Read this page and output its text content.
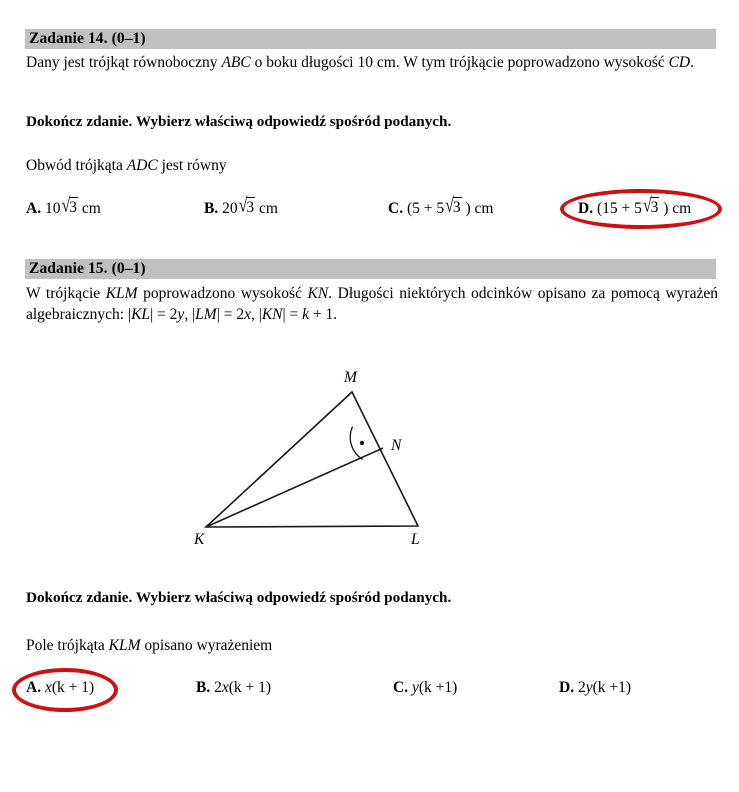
Zadanie 14. (0–1)
Dany jest trójkąt równoboczny ABC o boku długości 10 cm. W tym trójkącie poprowadzono wysokość CD.
Dokończ zdanie. Wybierz właściwą odpowiedź spośród podanych.
Obwód trójkąta ADC jest równy
A. 10√3 cm	B. 20√3 cm	C. (5 + 5√3 ) cm	D. (15 + 5√3 ) cm
Zadanie 15. (0–1)
W trójkącie KLM poprowadzono wysokość KN. Długości niektórych odcinków opisano za pomocą wyrażeń algebraicznych: |KL| = 2y, |LM| = 2x, |KN| = k + 1.
K	L
M
N
Dokończ zdanie. Wybierz właściwą odpowiedź spośród podanych.
Pole trójkąta KLM opisano wyrażeniem
A. x(k + 1)	B. 2x(k + 1)	C. y(k +1)	D. 2y(k +1)
